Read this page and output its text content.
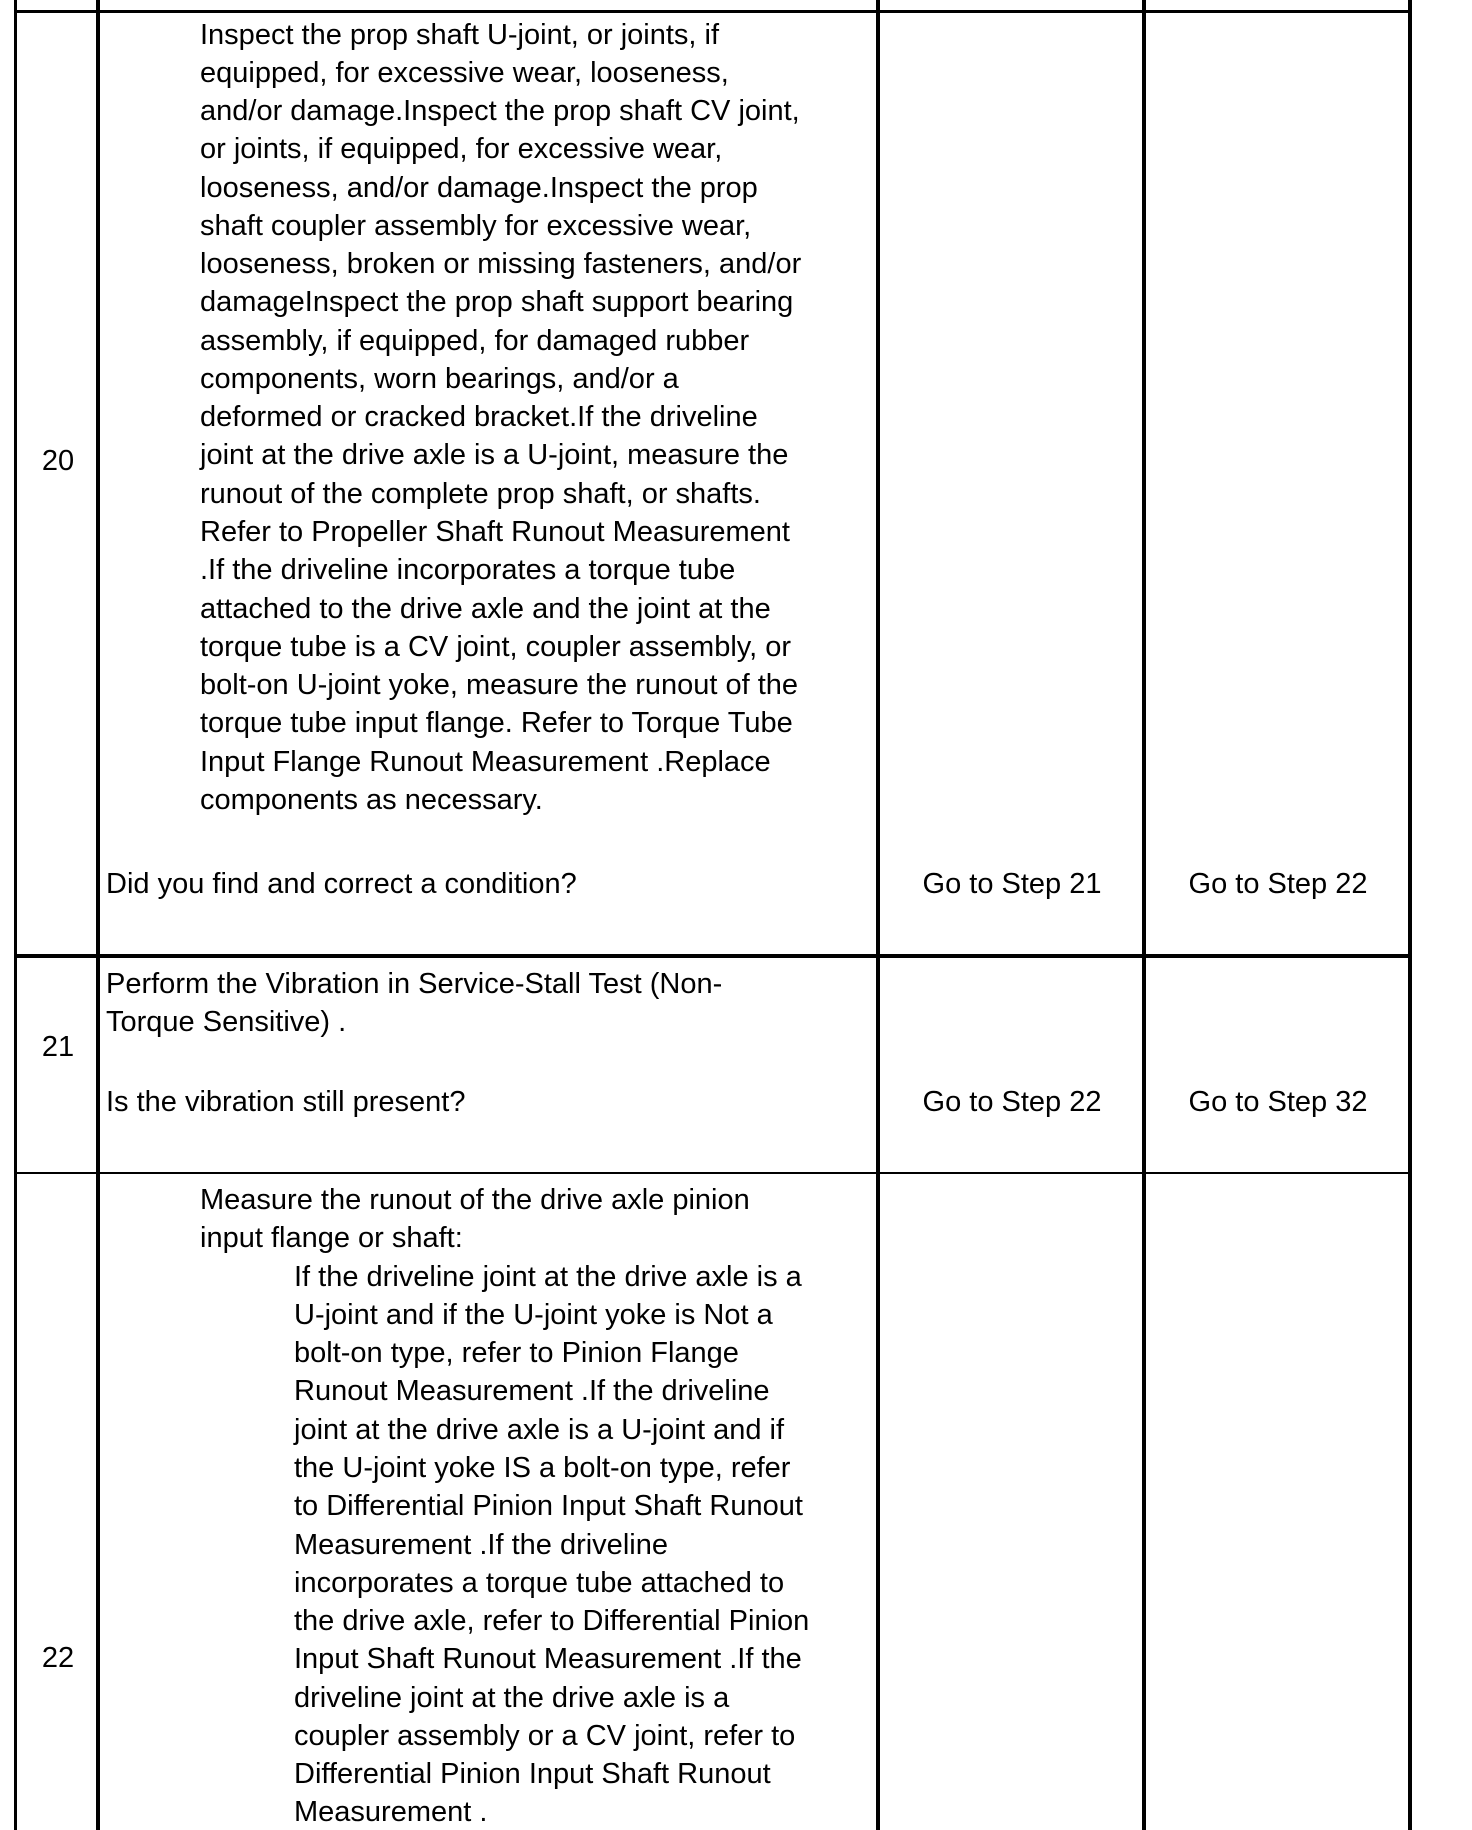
20
Inspect the prop shaft U-joint, or joints, if
equipped, for excessive wear, looseness,
and/or damage.Inspect the prop shaft CV joint,
or joints, if equipped, for excessive wear,
looseness, and/or damage.Inspect the prop
shaft coupler assembly for excessive wear,
looseness, broken or missing fasteners, and/or
damageInspect the prop shaft support bearing
assembly, if equipped, for damaged rubber
components, worn bearings, and/or a
deformed or cracked bracket.If the driveline
joint at the drive axle is a U-joint, measure the
runout of the complete prop shaft, or shafts.
Refer to Propeller Shaft Runout Measurement
.If the driveline incorporates a torque tube
attached to the drive axle and the joint at the
torque tube is a CV joint, coupler assembly, or
bolt-on U-joint yoke, measure the runout of the
torque tube input flange. Refer to Torque Tube
Input Flange Runout Measurement .Replace
components as necessary.
Did you find and correct a condition?	Go to Step 21	Go to Step 22
21
Perform the Vibration in Service-Stall Test (Non-
Torque Sensitive) .
Is the vibration still present?	Go to Step 22	Go to Step 32
22
Measure the runout of the drive axle pinion
input flange or shaft:
If the driveline joint at the drive axle is a
U-joint and if the U-joint yoke is Not a
bolt-on type, refer to Pinion Flange
Runout Measurement .If the driveline
joint at the drive axle is a U-joint and if
the U-joint yoke IS a bolt-on type, refer
to Differential Pinion Input Shaft Runout
Measurement .If the driveline
incorporates a torque tube attached to
the drive axle, refer to Differential Pinion
Input Shaft Runout Measurement .If the
driveline joint at the drive axle is a
coupler assembly or a CV joint, refer to
Differential Pinion Input Shaft Runout
Measurement .
